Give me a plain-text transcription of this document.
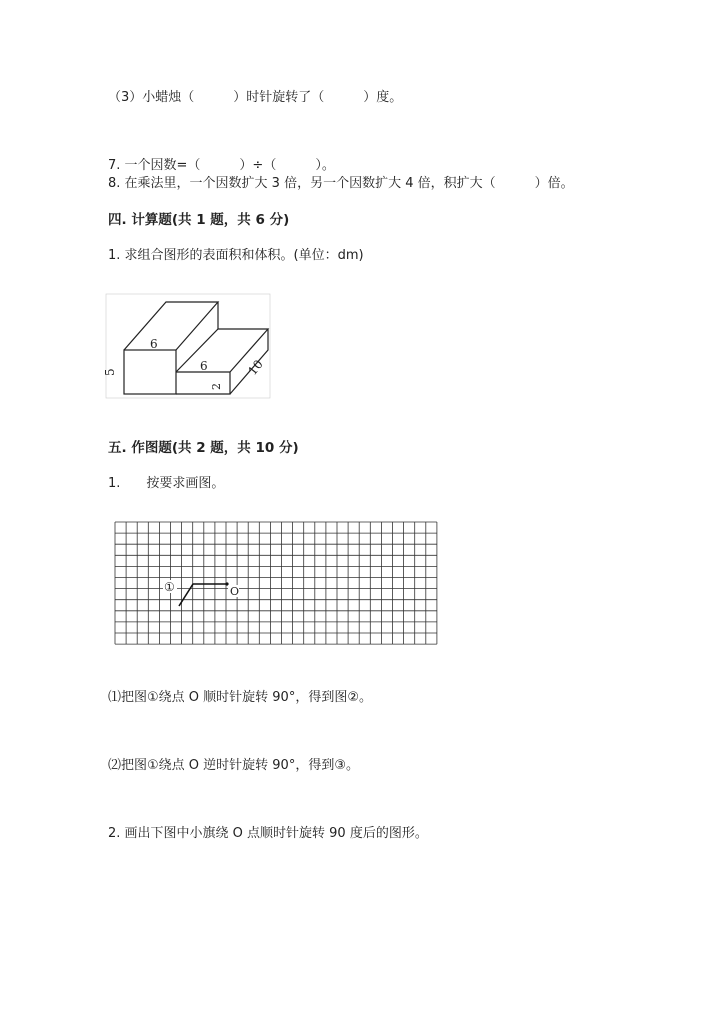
（3）小蜡烛（　　　）时针旋转了（　　　）度。
7. 一个因数=（　　　）÷（　　　）。
8. 在乘法里，一个因数扩大 3 倍，另一个因数扩大 4 倍，积扩大（　　　）倍。
四. 计算题(共 1 题，共 6 分)
1. 求组合图形的表面积和体积。(单位：dm)
6
5	6
2
10
五. 作图题(共 2 题，共 10 分)
1.　　按要求画图。
①	O
⑴把图①绕点 O 顺时针旋转 90°，得到图②。
⑵把图①绕点 O 逆时针旋转 90°，得到③。
2. 画出下图中小旗绕 O 点顺时针旋转 90 度后的图形。
